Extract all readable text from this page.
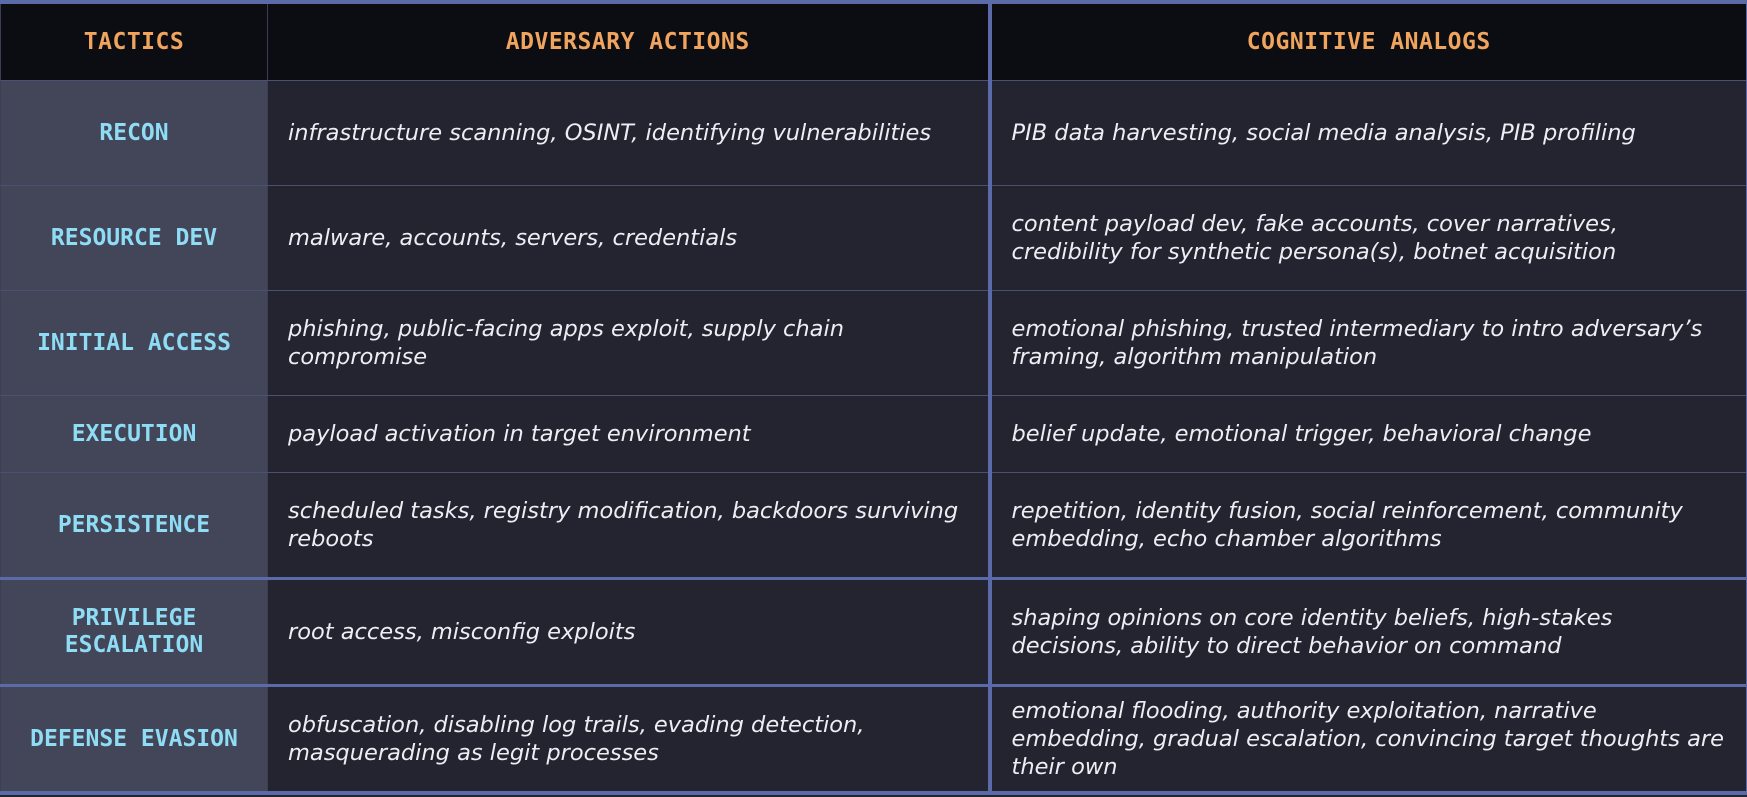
TACTICS	ADVERSARY ACTIONS	COGNITIVE ANALOGS
RECON	infrastructure scanning, OSINT, identifying vulnerabilities	PIB data harvesting, social media analysis, PIB profiling
RESOURCE DEV	malware, accounts, servers, credentials	content payload dev, fake accounts, cover narratives, credibility for synthetic persona(s), botnet acquisition
INITIAL ACCESS	phishing, public-facing apps exploit, supply chain compromise	emotional phishing, trusted intermediary to intro adversary’s framing, algorithm manipulation
EXECUTION	payload activation in target environment	belief update, emotional trigger, behavioral change
PERSISTENCE	scheduled tasks, registry modification, backdoors surviving reboots	repetition, identity fusion, social reinforcement, community embedding, echo chamber algorithms
PRIVILEGE ESCALATION	root access, misconfig exploits	shaping opinions on core identity beliefs, high-stakes decisions, ability to direct behavior on command
DEFENSE EVASION	obfuscation, disabling log trails, evading detection, masquerading as legit processes	emotional flooding, authority exploitation, narrative embedding, gradual escalation, convincing target thoughts are their own
